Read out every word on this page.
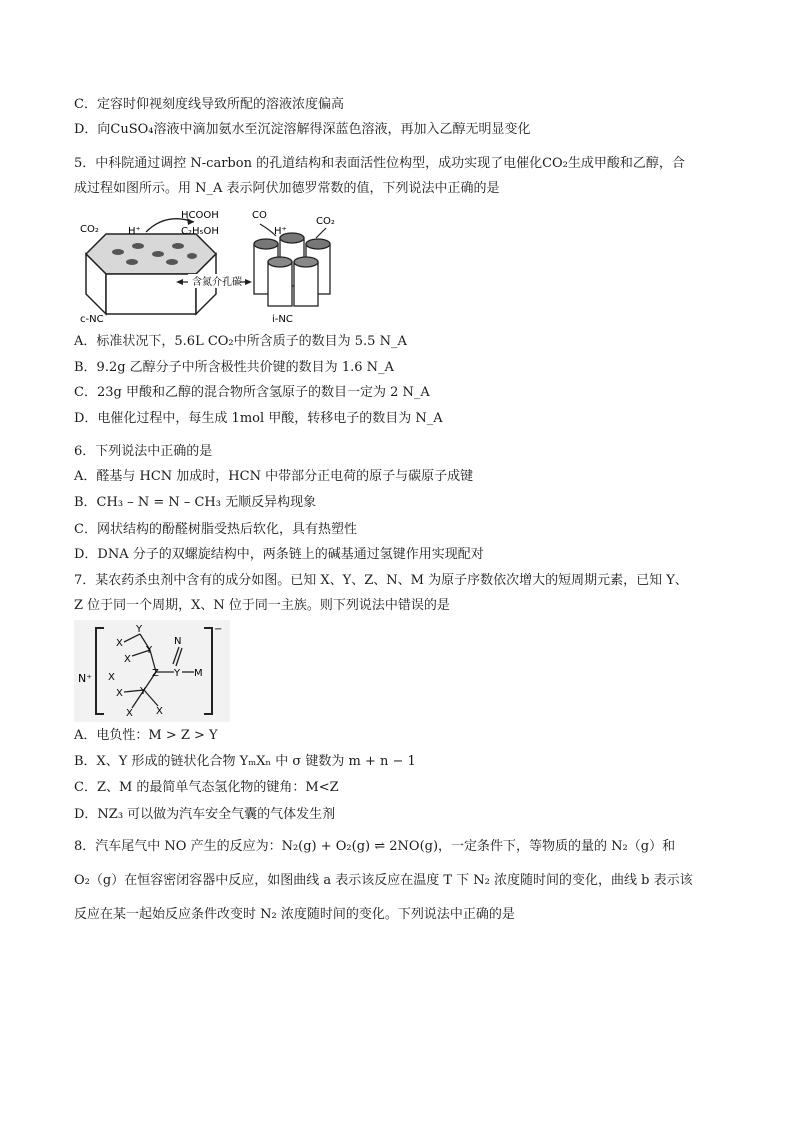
C．定容时仰视刻度线导致所配的溶液浓度偏高
D．向CuSO₄溶液中滴加氨水至沉淀溶解得深蓝色溶液，再加入乙醇无明显变化
5．中科院通过调控 N-carbon 的孔道结构和表面活性位构型，成功实现了电催化CO₂生成甲酸和乙醇，合
成过程如图所示。用 N_A 表示阿伏加德罗常数的值，下列说法中正确的是
CO₂	H⁺
HCOOH
C₂H₅OH
CO
H⁺
CO₂
含氮介孔碳
c-NC	i-NC
A．标准状况下，5.6L CO₂中所含质子的数目为 5.5 N_A
B．9.2g 乙醇分子中所含极性共价键的数目为 1.6 N_A
C．23g 甲酸和乙醇的混合物所含氢原子的数目一定为 2 N_A
D．电催化过程中，每生成 1mol 甲酸，转移电子的数目为 N_A
6．下列说法中正确的是
A．醛基与 HCN 加成时，HCN 中带部分正电荷的原子与碳原子成键
B．CH₃ – N = N – CH₃ 无顺反异构现象
C．网状结构的酚醛树脂受热后软化，具有热塑性
D．DNA 分子的双螺旋结构中，两条链上的碱基通过氢键作用实现配对
7．某农药杀虫剂中含有的成分如图。已知 X、Y、Z、N、M 为原子序数依次增大的短周期元素，已知 Y、
Z 位于同一个周期，X、N 位于同一主族。则下列说法中错误的是
X
Y
X
Y
N
Z Y M
X Y
X X
X
N⁺
−
A．电负性：M > Z > Y
B．X、Y 形成的链状化合物 YₘXₙ 中 σ 键数为 m + n − 1
C．Z、M 的最简单气态氢化物的键角：M<Z
D．NZ₃ 可以做为汽车安全气囊的气体发生剂
8．汽车尾气中 NO 产生的反应为：N₂(g) + O₂(g) ⇌ 2NO(g)，一定条件下，等物质的量的 N₂（g）和
O₂（g）在恒容密闭容器中反应，如图曲线 a 表示该反应在温度 T 下 N₂ 浓度随时间的变化，曲线 b 表示该
反应在某一起始反应条件改变时 N₂ 浓度随时间的变化。下列说法中正确的是
